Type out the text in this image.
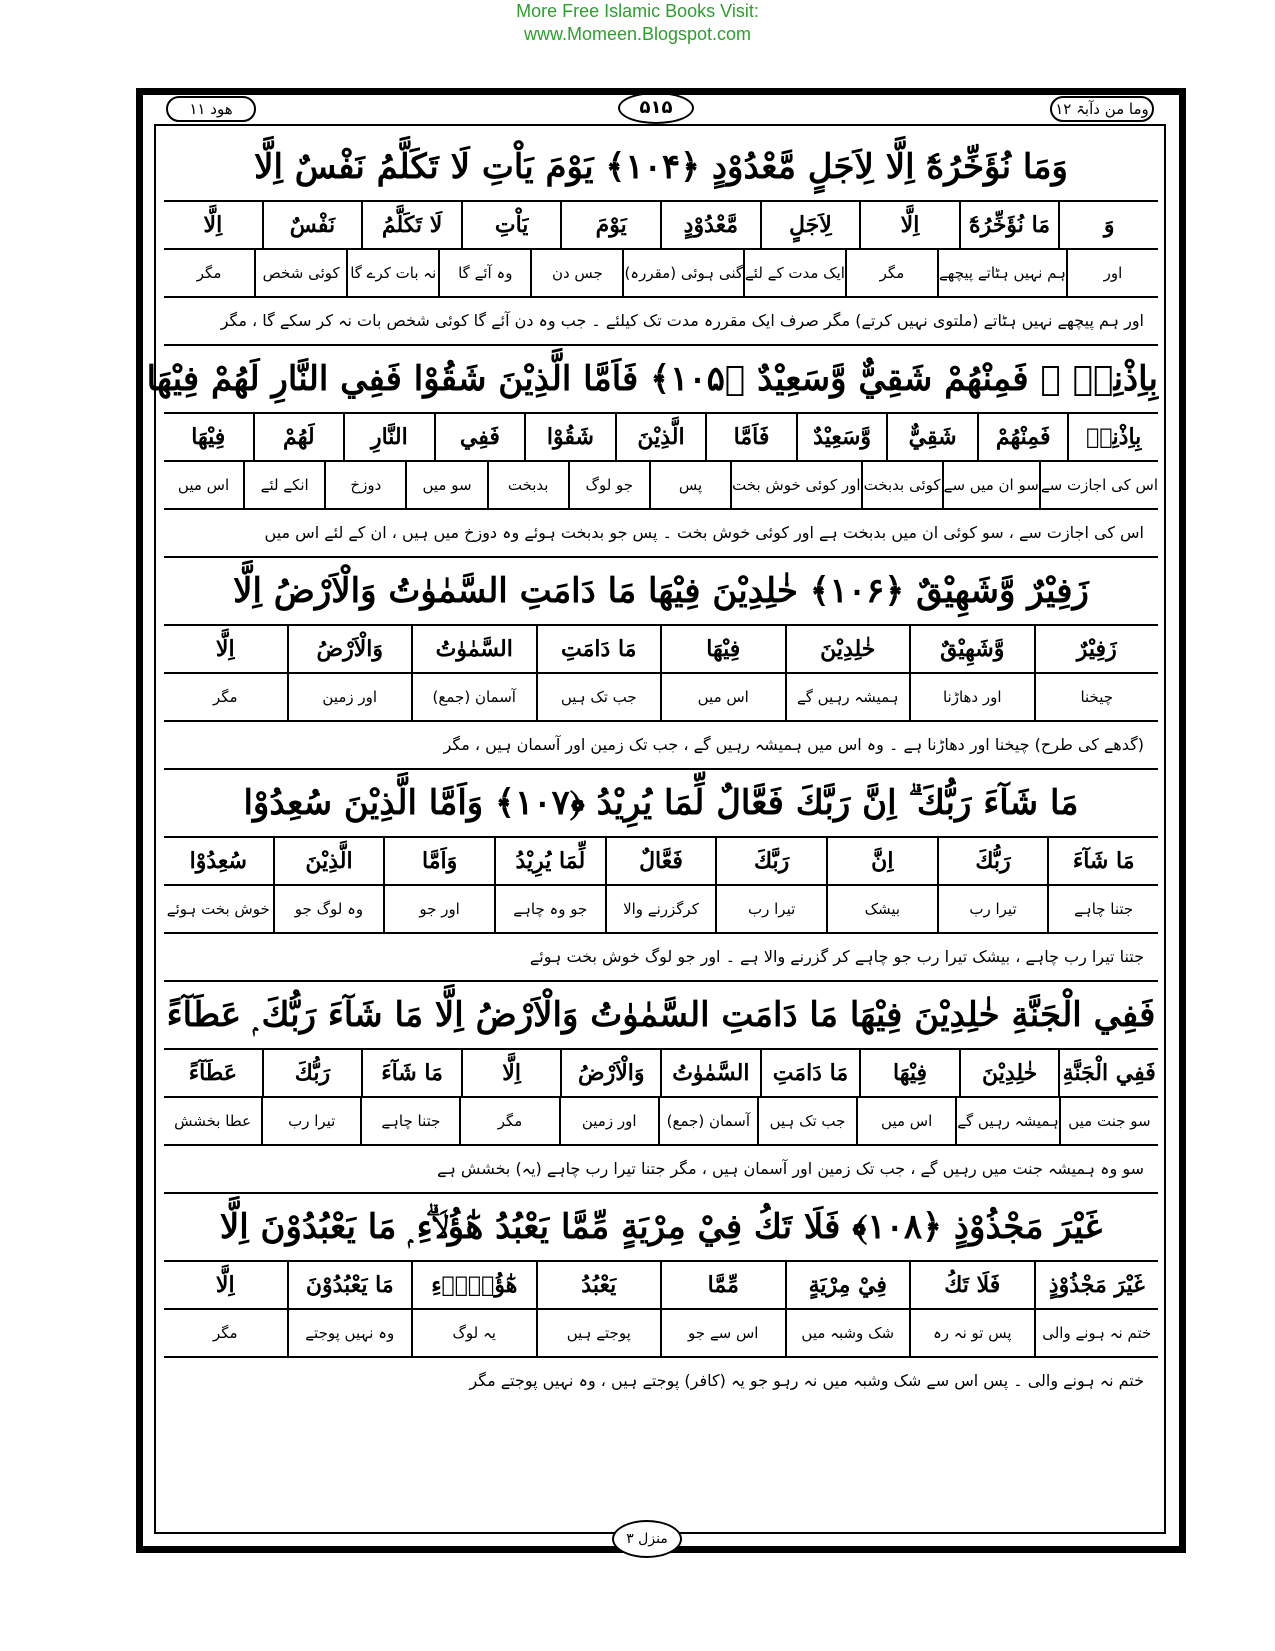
More Free Islamic Books Visit:
www.Momeen.Blogspot.com
ھود ۱۱	۵۱۵	وما من دآبۃ ۱۲
وَمَا نُؤَخِّرُهٗٓ اِلَّا لِاَجَلٍ مَّعْدُوْدٍ ﴿۱۰۴﴾ يَوْمَ يَاْتِ لَا تَكَلَّمُ نَفْسٌ اِلَّا
وَ
مَا نُؤَخِّرُهٗٓ
اِلَّا
لِاَجَلٍ
مَّعْدُوْدٍ
يَوْمَ
يَاْتِ
لَا تَكَلَّمُ
نَفْسٌ
اِلَّا
اور
ہم نہیں ہٹاتے پیچھے
مگر
ایک مدت کے لئے
گنی ہوئی (مقررہ)
جس دن
وہ آئے گا
نہ بات کرے گا
کوئی شخص
مگر
اور ہم پیچھے نہیں ہٹاتے (ملتوی نہیں کرتے) مگر صرف ایک مقررہ مدت تک کیلئے ۔ جب وہ دن آئے گا کوئی شخص بات نہ کر سکے گا ، مگر
بِاِذْنِهٖ ۚ فَمِنْهُمْ شَقِيٌّ وَّسَعِيْدٌ ﴿۱۰۵﴾ فَاَمَّا الَّذِيْنَ شَقُوْا فَفِي النَّارِ لَهُمْ فِيْهَا
بِاِذْنِهٖ
فَمِنْهُمْ
شَقِيٌّ
وَّسَعِيْدٌ
فَاَمَّا
الَّذِيْنَ
شَقُوْا
فَفِي
النَّارِ
لَهُمْ
فِيْهَا
اس کی اجازت سے
سو ان میں سے
کوئی بدبخت
اور کوئی خوش بخت
پس
جو لوگ
بدبخت
سو میں
دوزخ
انکے لئے
اس میں
اس کی اجازت سے ، سو کوئی ان میں بدبخت ہے اور کوئی خوش بخت ۔ پس جو بدبخت ہوئے وہ دوزخ میں ہیں ، ان کے لئے اس میں
زَفِيْرٌ وَّشَهِيْقٌ ﴿۱۰۶﴾ خٰلِدِيْنَ فِيْهَا مَا دَامَتِ السَّمٰوٰتُ وَالْاَرْضُ اِلَّا
زَفِيْرٌ
وَّشَهِيْقٌ
خٰلِدِيْنَ
فِيْهَا
مَا دَامَتِ
السَّمٰوٰتُ
وَالْاَرْضُ
اِلَّا
چیخنا
اور دھاڑنا
ہمیشہ رہیں گے
اس میں
جب تک ہیں
آسمان (جمع)
اور زمین
مگر
(گدھے کی طرح) چیخنا اور دھاڑنا ہے ۔ وہ اس میں ہمیشہ رہیں گے ، جب تک زمین اور آسمان ہیں ، مگر
مَا شَآءَ رَبُّكَ ۗ اِنَّ رَبَّكَ فَعَّالٌ لِّمَا يُرِيْدُ ﴿۱۰۷﴾ وَاَمَّا الَّذِيْنَ سُعِدُوْا
مَا شَآءَ
رَبُّكَ
اِنَّ
رَبَّكَ
فَعَّالٌ
لِّمَا يُرِيْدُ
وَاَمَّا
الَّذِيْنَ
سُعِدُوْا
جتنا چاہے
تیرا رب
بیشک
تیرا رب
کرگزرنے والا
جو وہ چاہے
اور جو
وہ لوگ جو
خوش بخت ہوئے
جتنا تیرا رب چاہے ، بیشک تیرا رب جو چاہے کر گزرنے والا ہے ۔ اور جو لوگ خوش بخت ہوئے
فَفِي الْجَنَّةِ خٰلِدِيْنَ فِيْهَا مَا دَامَتِ السَّمٰوٰتُ وَالْاَرْضُ اِلَّا مَا شَآءَ رَبُّكَ ۭ عَطَآءً
فَفِي الْجَنَّةِ
خٰلِدِيْنَ
فِيْهَا
مَا دَامَتِ
السَّمٰوٰتُ
وَالْاَرْضُ
اِلَّا
مَا شَآءَ
رَبُّكَ
عَطَآءً
سو جنت میں
ہمیشہ رہیں گے
اس میں
جب تک ہیں
آسمان (جمع)
اور زمین
مگر
جتنا چاہے
تیرا رب
عطا بخشش
سو وہ ہمیشہ جنت میں رہیں گے ، جب تک زمین اور آسمان ہیں ، مگر جتنا تیرا رب چاہے (یہ) بخشش ہے
غَيْرَ مَجْذُوْذٍ ﴿۱۰۸﴾ فَلَا تَكُ فِيْ مِرْيَةٍ مِّمَّا يَعْبُدُ هٰٓؤُلَاۗءِ ۭ مَا يَعْبُدُوْنَ اِلَّا
غَيْرَ مَجْذُوْذٍ
فَلَا تَكُ
فِيْ مِرْيَةٍ
مِّمَّا
يَعْبُدُ
هٰٓؤُلَاۗءِ
مَا يَعْبُدُوْنَ
اِلَّا
ختم نہ ہونے والی
پس تو نہ رہ
شک وشبہ میں
اس سے جو
پوجتے ہیں
یہ لوگ
وہ نہیں پوجتے
مگر
ختم نہ ہونے والی ۔ پس اس سے شک وشبہ میں نہ رہو جو یہ (کافر) پوجتے ہیں ، وہ نہیں پوجتے مگر
منزل ۳
